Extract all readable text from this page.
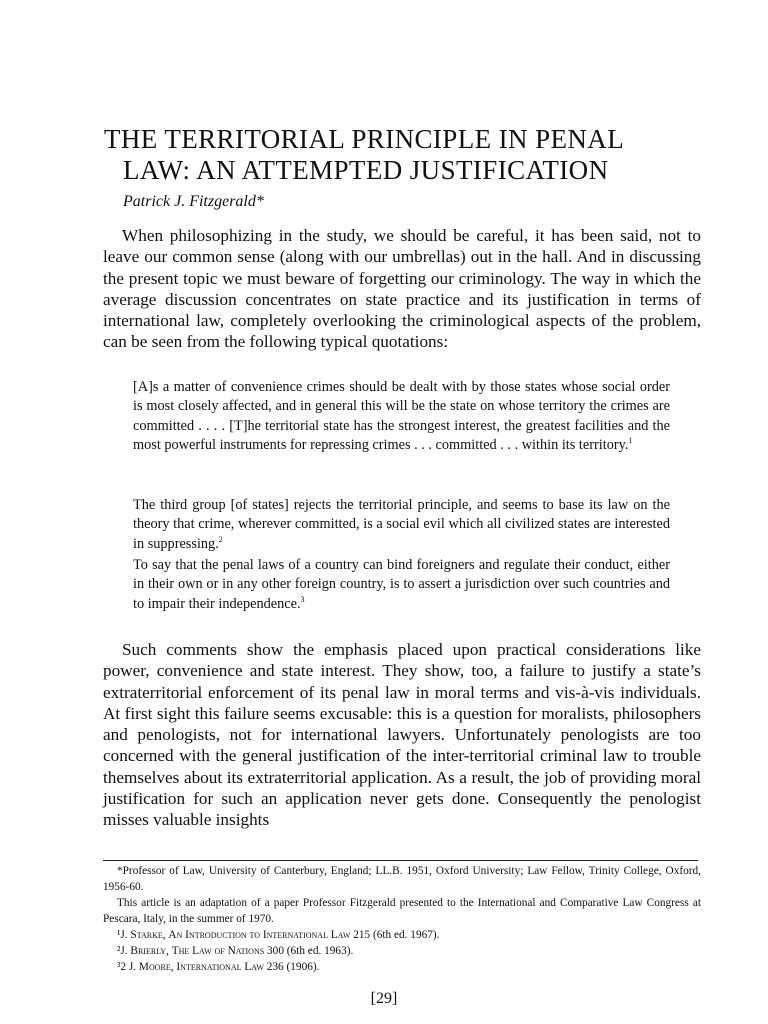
THE TERRITORIAL PRINCIPLE IN PENAL
LAW: AN ATTEMPTED JUSTIFICATION
Patrick J. Fitzgerald*

When philosophizing in the study, we should be careful, it has been said, not to leave our common sense (along with our umbrellas) out in the hall. And in discussing the present topic we must beware of forgetting our criminology. The way in which the average discussion concentrates on state practice and its justification in terms of international law, completely overlooking the criminological aspects of the problem, can be seen from the following typical quotations:

[A]s a matter of convenience crimes should be dealt with by those states whose social order is most closely affected, and in general this will be the state on whose territory the crimes are committed . . . . [T]he territorial state has the strongest interest, the greatest facilities and the most powerful instruments for repressing crimes . . . committed . . . within its territory.$^1$

The third group [of states] rejects the territorial principle, and seems to base its law on the theory that crime, wherever committed, is a social evil which all civilized states are interested in suppressing.$^2$

To say that the penal laws of a country can bind foreigners and regulate their conduct, either in their own or in any other foreign country, is to assert a jurisdiction over such countries and to impair their independence.$^3$

Such comments show the emphasis placed upon practical considerations like power, convenience and state interest. They show, too, a failure to justify a state’s extraterritorial enforcement of its penal law in moral terms and vis-à-vis individuals. At first sight this failure seems excusable: this is a question for moralists, philosophers and penologists, not for international lawyers. Unfortunately penologists are too concerned with the general justification of the inter-territorial criminal law to trouble themselves about its extraterritorial application. As a result, the job of providing moral justification for such an application never gets done. Consequently the penologist misses valuable insights

*Professor of Law, University of Canterbury, England; LL.B. 1951, Oxford University; Law Fellow, Trinity College, Oxford, 1956-60.

This article is an adaptation of a paper Professor Fitzgerald presented to the International and Comparative Law Congress at Pescara, Italy, in the summer of 1970.

¹J. Starke, An Introduction to International Law 215 (6th ed. 1967).

²J. Brierly, The Law of Nations 300 (6th ed. 1963).

³2 J. Moore, International Law 236 (1906).

[29]
